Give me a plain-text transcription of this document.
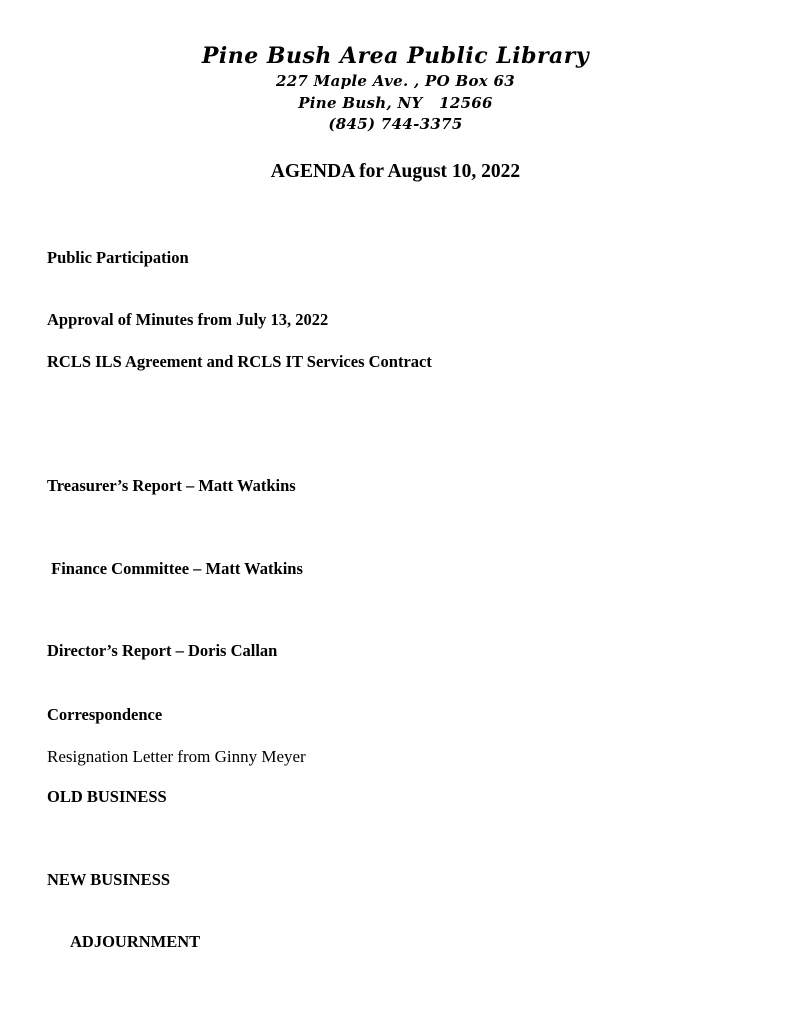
Pine Bush Area Public Library
227 Maple Ave. , PO Box 63
Pine Bush, NY   12566
(845) 744-3375
AGENDA for August 10, 2022
Public Participation
Approval of Minutes from July 13, 2022
RCLS ILS Agreement and RCLS IT Services Contract
Treasurer’s Report – Matt Watkins
Finance Committee – Matt Watkins
Director’s Report – Doris Callan
Correspondence
Resignation Letter from Ginny Meyer
OLD BUSINESS
NEW BUSINESS
ADJOURNMENT
